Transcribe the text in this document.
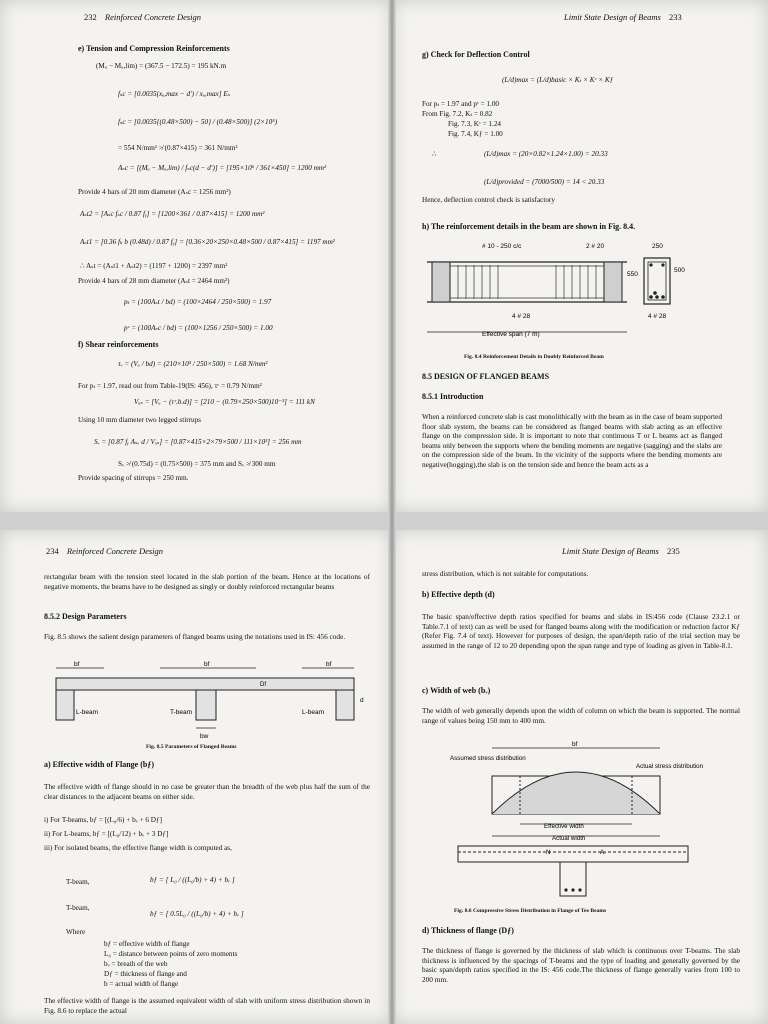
232 Reinforced Concrete Design
e) Tension and Compression Reinforcements
(Mᵤ − Mᵤ,lim) = (367.5 − 172.5) = 195 kN.m
fₛc = [0.0035(xᵤ,max − d′) / xᵤ,max] Eₛ
fₛc = [0.0035{(0.48×500) − 50} / (0.48×500)] (2×10⁵)
= 554 N/mm² ≯ (0.87×415) = 361 N/mm²
Aₛc = [(Mᵤ − Mᵤ,lim) / fₛc(d − d′)] = [195×10⁶ / 361×450] = 1200 mm²
Provide 4 bars of 20 mm diameter (Aₛc = 1256 mm²)
Aₛt2 = [Aₛc fₛc / 0.87 fᵧ] = [1200×361 / 0.87×415] = 1200 mm²
Aₛt1 = [0.36 fₖ b (0.48d) / 0.87 fᵧ] = [0.36×20×250×0.48×500 / 0.87×415] = 1197 mm²
∴ Aₛt = (Aₛt1 + Aₛt2) = (1197 + 1200) = 2397 mm²
Provide 4 bars of 28 mm diameter (Aₛt = 2464 mm²)
pₜ = (100Aₛt / bd) = (100×2464 / 250×500) = 1.97
pᶜ = (100Aₛc / bd) = (100×1256 / 250×500) = 1.00
f) Shear reinforcements
τᵥ = (Vᵤ / bd) = (210×10³ / 250×500) = 1.68 N/mm²
For pₜ = 1.97, read out from Table-19(IS: 456), τᶜ = 0.79 N/mm²
Vᵤₛ = [Vᵤ − (τᶜ.b.d)] = [210 − (0.79×250×500)10⁻³] = 111 kN
Using 10 mm diameter two legged stirrups
Sᵥ = [0.87 fᵧ Aₛᵥ d / Vᵤₛ] = [0.87×415×2×79×500 / 111×10³] = 256 mm
Sᵥ ≯ (0.75d) = (0.75×500) = 375 mm and Sᵥ ≯ 300 mm
Provide spacing of stirrups = 250 mm.
Limit State Design of Beams 233
g) Check for Deflection Control
(L/d)max = (L/d)basic × Kₜ × Kᶜ × Kƒ
For pₜ = 1.97 and pᶜ = 1.00
From Fig. 7.2, Kₜ = 0.82
Fig. 7.3, Kᶜ = 1.24
Fig. 7.4, Kƒ = 1.00
∴	(L/d)max = (20×0.82×1.24×1.00) = 20.33
(L/d)provided = (7000/500) = 14 < 20.33
Hence, deflection control check is satisfactory
h) The reinforcement details in the beam are shown in Fig. 8.4.
# 10 - 250 c/c	2 # 20	250
4 # 28
Effective span (7 m)
550
500
4 # 28
Fig. 8.4 Reinforcement Details in Doubly Reinforced Beam
8.5 DESIGN OF FLANGED BEAMS
8.5.1 Introduction
When a reinforced concrete slab is cast monolithically with the beam as in the case of beam supported floor slab system, the beams can be considered as flanged beams with slab acting as an effective flange on the compression side. It is important to note that continuous T or L beams act as flanged beams only between the supports where the bending moments are negative (sagging) and the slabs are on the compression side of the beam. In the vicinity of the supports where the bending moments are negative(hogging),the slab is on the tension side and hence the beam acts as a
234 Reinforced Concrete Design
rectangular beam with the tension steel located in the slab portion of the beam. Hence at the locations of negative moments, the beams have to be designed as singly or doubly reinforced rectangular beams
8.5.2 Design Parameters
Fig. 8.5 shows the salient design parameters of flanged beams using the notations used in IS: 456 code.
bf	bf	bf
Df
d
L-beam	T-beam	L-beam
bw
Fig. 8.5 Parameters of Flanged Beams
a) Effective width of Flange (bƒ)
The effective width of flange should in no case be greater than the breadth of the web plus half the sum of the clear distances to the adjacent beams on either side.
i) For T-beams, bƒ = [(L₀/6) + bᵥ + 6 Dƒ]
ii) For L-beams, bƒ = [(L₀/12) + bᵥ + 3 Dƒ]
iii) For isolated beams, the effective flange width is computed as,
T-beam,	bƒ = [ L₀ / ((L₀/b) + 4) + bᵥ ]
T-beam,
bƒ = [ 0.5L₀ / ((L₀/b) + 4) + bᵥ ]
Where
bƒ = effective width of flange
L₀ = distance between points of zero moments
bᵥ = breath of the web
Dƒ = thickness of flange and
b = actual width of flange
The effective width of flange is the assumed equivalent width of slab with uniform stress distribution shown in Fig. 8.6 to replace the actual
Limit State Design of Beams 235
stress distribution, which is not suitable for computations.
b) Effective depth (d)
The basic span/effective depth ratios specified for beams and slabs in IS:456 code (Clause 23.2.1 or Table.7.1 of text) can as well be used for flanged beams along with the modification or reduction factor Kƒ (Refer Fig. 7.4 of text). However for purposes of design, the span/depth ratio of the trial section may be assumed in the range of 12 to 20 depending upon the span range and type of loading as given in Table-8.1.
c) Width of web (bᵥ)
The width of web generally depends upon the width of column on which the beam is supported. The normal range of values being 150 mm to 400 mm.
bf
Assumed stress distribution
Actual stress distribution
Effective width
Actual width
N	A.
Fig. 8.6 Compressive Stress Distribution in Flange of Tee Beams
d) Thickness of flange (Dƒ)
The thickness of flange is governed by the thickness of slab which is continuous over T-beams. The slab thickness is influenced by the spacings of T-beams and the type of loading and generally governed by the basic span/depth ratios specified in the IS: 456 code.The thickness of flange generally varies from 100 to 200 mm.
